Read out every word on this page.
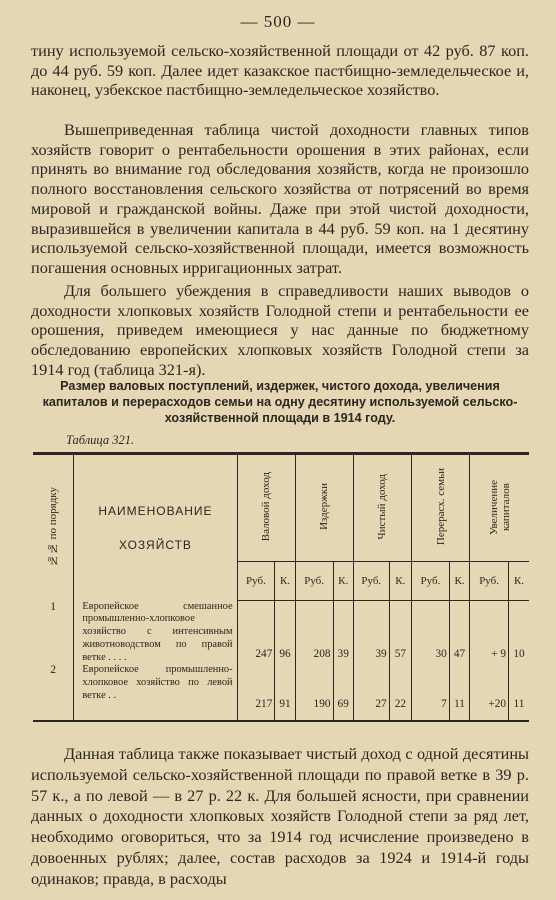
— 500 —

тину используемой сельско-хозяйственной площади от 42 руб. 87 коп. до 44 руб. 59 коп. Далее идет казакское пастбищно-земледельческое и, наконец, узбекское пастбищно-земледельческое хозяйство.

Вышеприведенная таблица чистой доходности главных типов хозяйств говорит о рентабельности орошения в этих районах, если принять во внимание год обследования хозяйств, когда не произошло полного восстановления сельского хозяйства от потрясений во время мировой и гражданской войны. Даже при этой чистой доходности, выразившейся в увеличении капитала в 44 руб. 59 коп. на 1 десятину используемой сельско-хозяйственной площади, имеется возможность погашения основных ирригационных затрат.

Для большего убеждения в справедливости наших выводов о доходности хлопковых хозяйств Голодной степи и рентабельности ее орошения, приведем имеющиеся у нас данные по бюджетному обследованию европейских хлопковых хозяйств Голодной степи за 1914 год (таблица 321-я).

Размер валовых поступлений, издержек, чистого дохода, увеличения капиталов и перерасходов семьи на одну десятину используемой сельско-хозяйственной площади в 1914 году.
Таблица 321.
№№ по порядку	НАИМЕНОВАНИЕ ХОЗЯЙСТВ	Валовой доход		Издержки		Чистый доход		Перерасх. семьи		Увеличение капиталов	
		Руб.	К.	Руб.	К.	Руб.	К.	Руб.	К.	Руб.	К.
1	Европейское смешанное промышленно-хлопковое хозяйство с интенсивным животноводством по правой ветке . . . .	247	96	208	39	39	57	30	47	+ 9	10
2	Европейское промышленно-хлопковое хозяйство по левой ветке . .	217	91	190	69	27	22	7	11	+20	11

Данная таблица также показывает чистый доход с одной десятины используемой сельско-хозяйственной площади по правой ветке в 39 р. 57 к., а по левой — в 27 р. 22 к. Для большей ясности, при сравнении данных о доходности хлопковых хозяйств Голодной степи за ряд лет, необходимо оговориться, что за 1914 год исчисление произведено в довоенных рублях; далее, состав расходов за 1924 и 1914-й годы одинаков; правда, в расходы
